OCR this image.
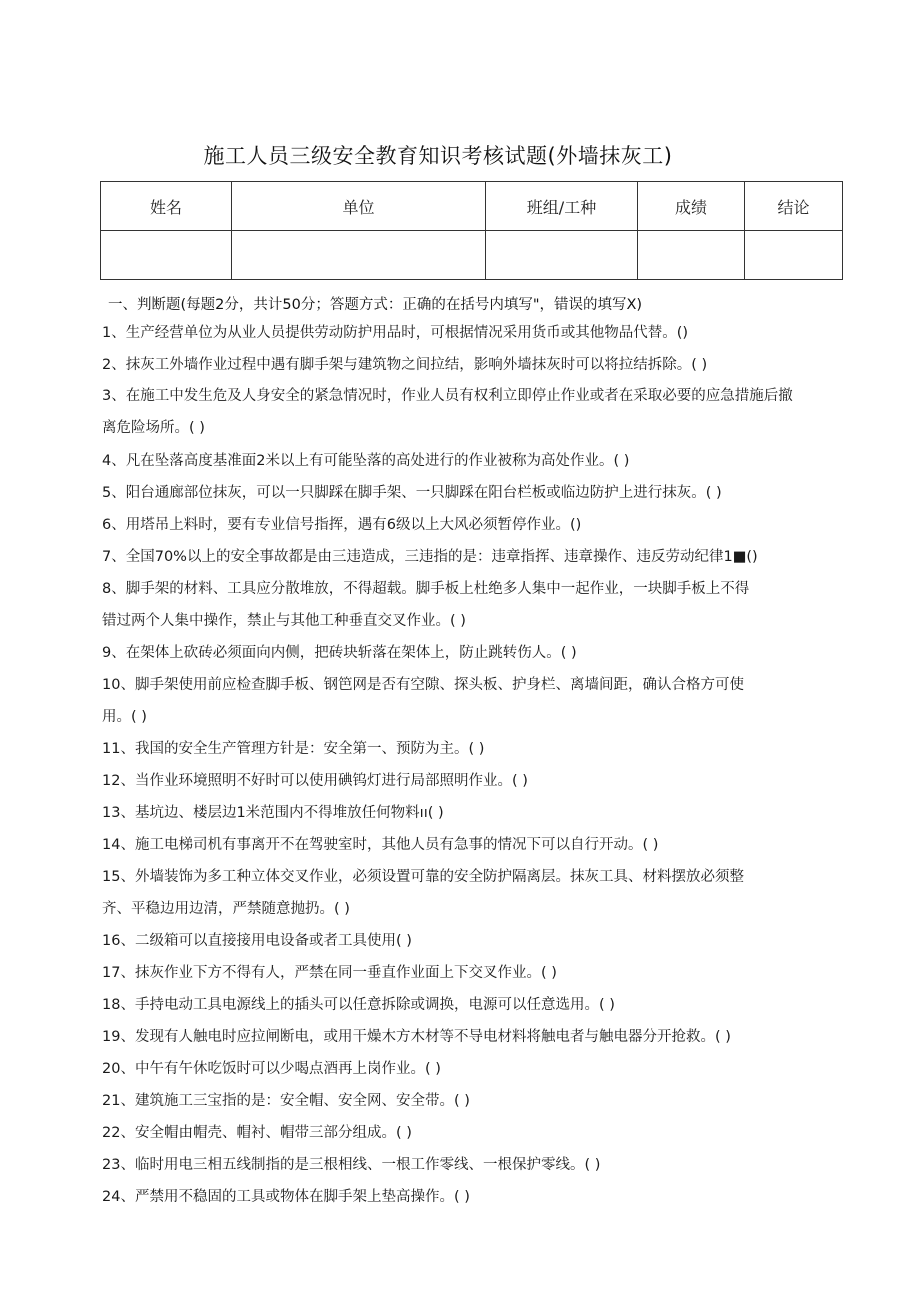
施工人员三级安全教育知识考核试题(外墙抹灰工)
姓名	单位	班组/工种	成绩	结论

一、判断题(每题2分，共计50分；答题方式：正确的在括号内填写"，错误的填写X)
1、生产经营单位为从业人员提供劳动防护用品时，可根据情况采用货币或其他物品代替。()
2、抹灰工外墙作业过程中遇有脚手架与建筑物之间拉结，影响外墙抹灰时可以将拉结拆除。( )
3、在施工中发生危及人身安全的紧急情况时，作业人员有权利立即停止作业或者在采取必要的应急措施后撤
离危险场所。( )
4、凡在坠落高度基准面2米以上有可能坠落的高处进行的作业被称为高处作业。( )
5、阳台通廊部位抹灰，可以一只脚踩在脚手架、一只脚踩在阳台栏板或临边防护上进行抹灰。( )
6、用塔吊上料时，要有专业信号指挥，遇有6级以上大风必须暂停作业。()
7、全国70%以上的安全事故都是由三违造成，三违指的是：违章指挥、违章操作、违反劳动纪律1■()
8、脚手架的材料、工具应分散堆放，不得超载。脚手板上杜绝多人集中一起作业，一块脚手板上不得
错过两个人集中操作，禁止与其他工种垂直交叉作业。( )
9、在架体上砍砖必须面向内侧，把砖块斩落在架体上，防止跳转伤人。( )
10、脚手架使用前应检查脚手板、钢笆网是否有空隙、探头板、护身栏、离墙间距，确认合格方可使
用。( )
11、我国的安全生产管理方针是：安全第一、预防为主。( )
12、当作业环境照明不好时可以使用碘钨灯进行局部照明作业。( )
13、基坑边、楼层边1米范围内不得堆放任何物料ıı( )
14、施工电梯司机有事离开不在驾驶室时，其他人员有急事的情况下可以自行开动。( )
15、外墙装饰为多工种立体交叉作业，必须设置可靠的安全防护隔离层。抹灰工具、材料摆放必须整
齐、平稳边用边清，严禁随意抛扔。( )
16、二级箱可以直接接用电设备或者工具使用( )
17、抹灰作业下方不得有人，严禁在同一垂直作业面上下交叉作业。( )
18、手持电动工具电源线上的插头可以任意拆除或调换，电源可以任意选用。( )
19、发现有人触电时应拉闸断电，或用干燥木方木材等不导电材料将触电者与触电器分开抢救。( )
20、中午有午休吃饭时可以少喝点酒再上岗作业。( )
21、建筑施工三宝指的是：安全帽、安全网、安全带。( )
22、安全帽由帽壳、帽衬、帽带三部分组成。( )
23、临时用电三相五线制指的是三根相线、一根工作零线、一根保护零线。( )
24、严禁用不稳固的工具或物体在脚手架上垫高操作。( )
